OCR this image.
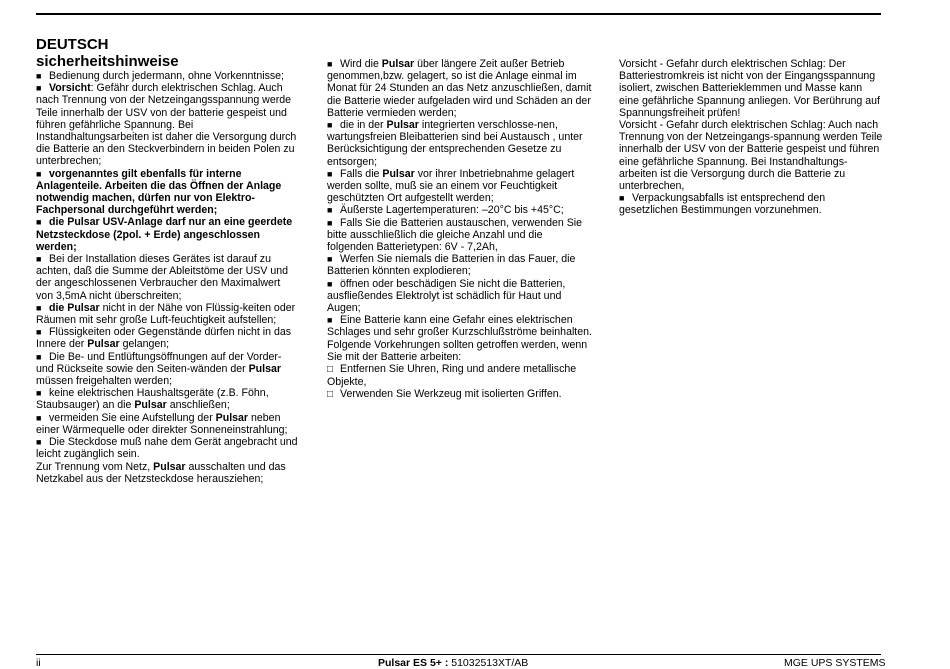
DEUTSCH

sicherheitshinweise

■ Bedienung durch jedermann, ohne Vorkenntnisse;

■ Vorsicht: Gefähr durch elektrischen Schlag. Auch nach Trennung von der Netzeingangsspannung werde Teile innerhalb der USV von der batterie gespeist und führen gefährliche Spannung. Bei Instandhaltungsarbeiten ist daher die Versorgung durch die Batterie an den Steckverbindern in beiden Polen zu unterbrechen;

■ vorgenanntes gilt ebenfalls für interne Anlagenteile. Arbeiten die das Öffnen der Anlage notwendig machen, dürfen nur von Elektro-Fachpersonal durchgeführt werden;

■ die Pulsar USV-Anlage darf nur an eine geerdete Netzsteckdose (2pol. + Erde) angeschlossen werden;

■ Bei der Installation dieses Gerätes ist darauf zu achten, daß die Summe der Ableitstöme der USV und der angeschlossenen Verbraucher den Maximalwert von 3,5mA nicht überschreiten;

■ die Pulsar nicht in der Nähe von Flüssig-keiten oder Räumen mit sehr große Luft-feuchtigkeit aufstellen;

■ Flüssigkeiten oder Gegenstände dürfen nicht in das Innere der Pulsar gelangen;

■ Die Be- und Entlüftungsöffnungen auf der Vorder- und Rückseite sowie den Seiten-wänden der Pulsar müssen freigehalten werden;

■ keine elektrischen Haushaltsgeräte (z.B. Föhn, Staubsauger) an die Pulsar anschließen;

■ vermeiden Sie eine Aufstellung der Pulsar neben einer Wärmequelle oder direkter Sonneneinstrahlung;

■ Die Steckdose muß nahe dem Gerät angebracht und leicht zugänglich sein.

Zur Trennung vom Netz, Pulsar ausschalten und das Netzkabel aus der Netzsteckdose herausziehen;

■ Wird die Pulsar über längere Zeit außer Betrieb genommen,bzw. gelagert, so ist die Anlage einmal im Monat für 24 Stunden an das Netz anzuschließen, damit die Batterie wieder aufgeladen wird und Schäden an der Batterie vermieden werden;

■ die in der Pulsar integrierten verschlosse-nen, wartungsfreien Bleibatterien sind bei Austausch , unter Berücksichtigung der entsprechenden Gesetze zu entsorgen;

■ Falls die Pulsar vor ihrer Inbetriebnahme gelagert werden sollte, muß sie an einem vor Feuchtigkeit geschützten Ort aufgestellt werden;

■ Äußerste Lagertemperaturen: –20°C bis +45°C;

■ Falls Sie die Batterien austauschen, verwenden Sie bitte ausschließlich die gleiche Anzahl und die folgenden Batterietypen: 6V - 7,2Ah,

■ Werfen Sie niemals die Batterien in das Fauer, die Batterien könnten explodieren;

■ öffnen oder beschädigen Sie nicht die Batterien, ausfließendes Elektrolyt ist schädlich für Haut und Augen;

■ Eine Batterie kann eine Gefahr eines elektrischen Schlages und sehr großer Kurzschlußströme beinhalten. Folgende Vorkehrungen sollten getroffen werden, wenn Sie mit der Batterie arbeiten:

□ Entfernen Sie Uhren, Ring und andere metallische Objekte,

□ Verwenden Sie Werkzeug mit isolierten Griffen.

Vorsicht - Gefahr durch elektrischen Schlag: Der Batteriestromkreis ist nicht von der Eingangsspannung isoliert, zwischen Batterieklemmen und Masse kann eine gefährliche Spannung anliegen. Vor Berührung auf Spannungsfreiheit prüfen!

Vorsicht - Gefahr durch elektrischen Schlag: Auch nach Trennung von der Netzeingangs-spannung werden Teile innerhalb der USV von der Batterie gespeist und führen eine gefährliche Spannung. Bei Instandhaltungs-arbeiten ist die Versorgung durch die Batterie zu unterbrechen,

■ Verpackungsabfalls ist entsprechend den gesetzlichen Bestimmungen vorzunehmen.

ii	Pulsar ES 5+ : 51032513XT/AB	MGE UPS SYSTEMS
